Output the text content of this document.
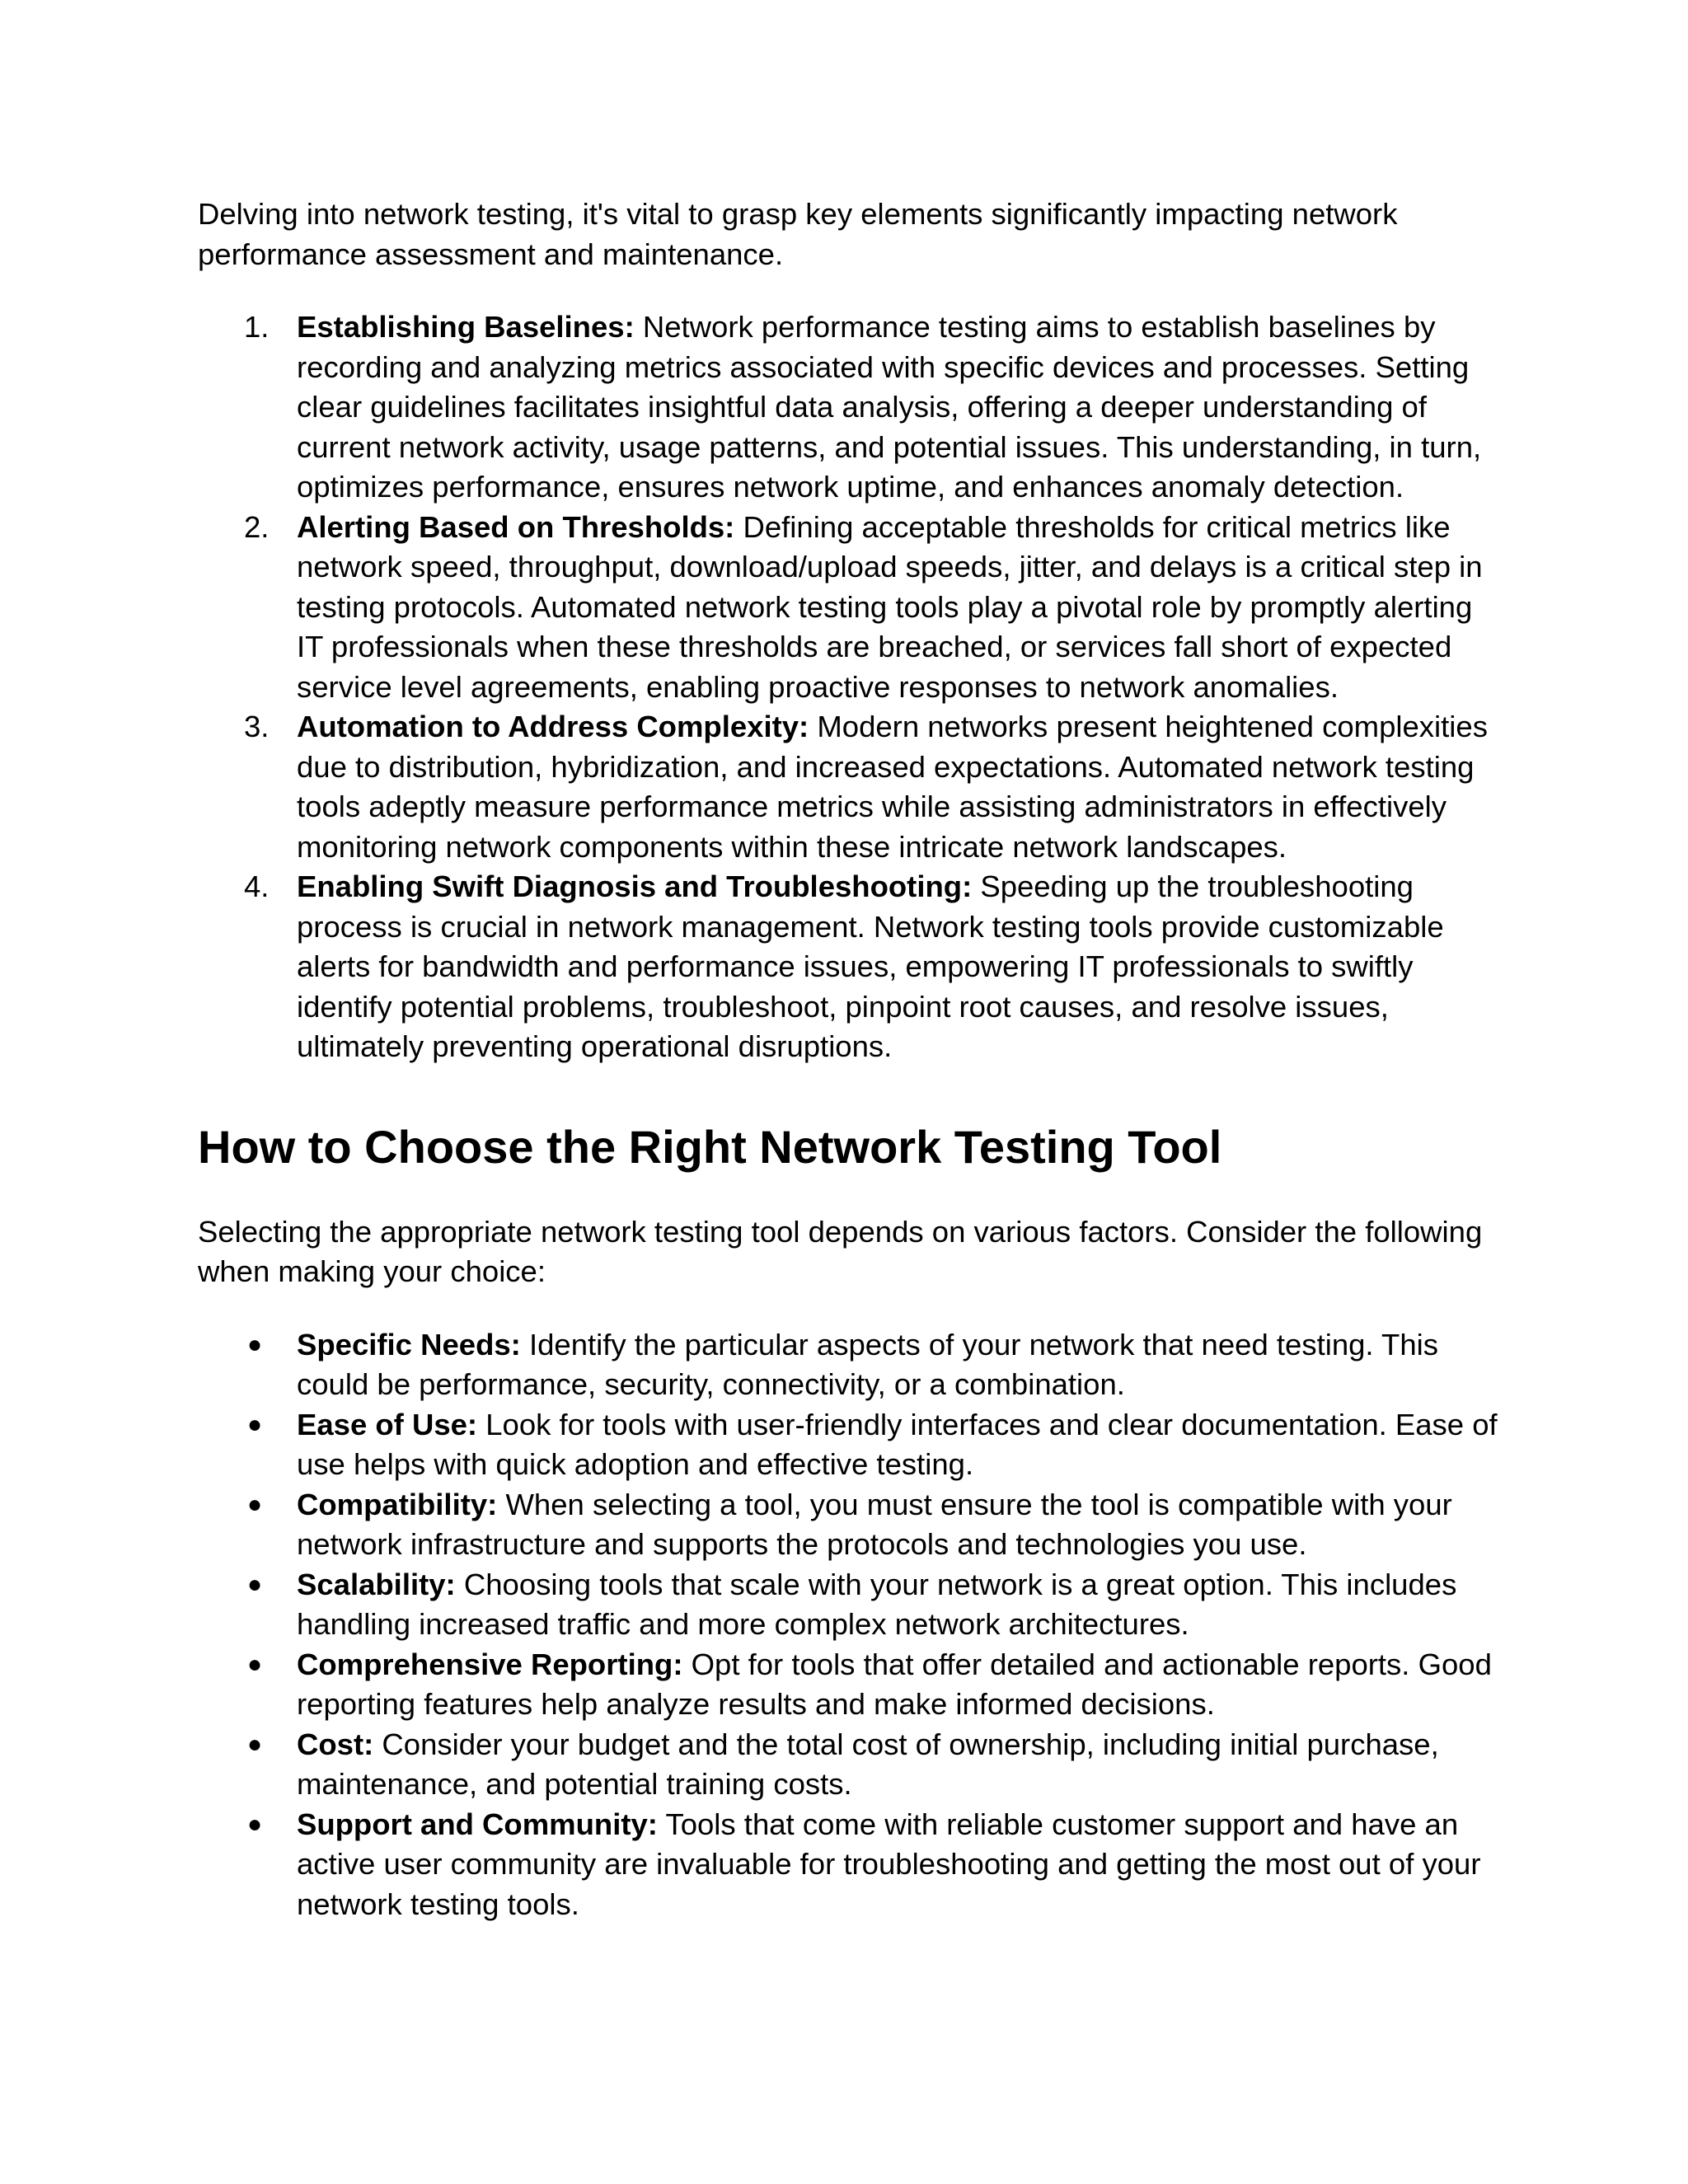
Delving into network testing, it's vital to grasp key elements significantly impacting network performance assessment and maintenance.

1. Establishing Baselines: Network performance testing aims to establish baselines by recording and analyzing metrics associated with specific devices and processes. Setting clear guidelines facilitates insightful data analysis, offering a deeper understanding of current network activity, usage patterns, and potential issues. This understanding, in turn, optimizes performance, ensures network uptime, and enhances anomaly detection.
2. Alerting Based on Thresholds: Defining acceptable thresholds for critical metrics like network speed, throughput, download/upload speeds, jitter, and delays is a critical step in testing protocols. Automated network testing tools play a pivotal role by promptly alerting IT professionals when these thresholds are breached, or services fall short of expected service level agreements, enabling proactive responses to network anomalies.
3. Automation to Address Complexity: Modern networks present heightened complexities due to distribution, hybridization, and increased expectations. Automated network testing tools adeptly measure performance metrics while assisting administrators in effectively monitoring network components within these intricate network landscapes.
4. Enabling Swift Diagnosis and Troubleshooting: Speeding up the troubleshooting process is crucial in network management. Network testing tools provide customizable alerts for bandwidth and performance issues, empowering IT professionals to swiftly identify potential problems, troubleshoot, pinpoint root causes, and resolve issues, ultimately preventing operational disruptions.
How to Choose the Right Network Testing Tool

Selecting the appropriate network testing tool depends on various factors. Consider the following when making your choice:

● Specific Needs: Identify the particular aspects of your network that need testing. This could be performance, security, connectivity, or a combination.
● Ease of Use: Look for tools with user-friendly interfaces and clear documentation. Ease of use helps with quick adoption and effective testing.
● Compatibility: When selecting a tool, you must ensure the tool is compatible with your network infrastructure and supports the protocols and technologies you use.
● Scalability: Choosing tools that scale with your network is a great option. This includes handling increased traffic and more complex network architectures.
● Comprehensive Reporting: Opt for tools that offer detailed and actionable reports. Good reporting features help analyze results and make informed decisions.
● Cost: Consider your budget and the total cost of ownership, including initial purchase, maintenance, and potential training costs.
● Support and Community: Tools that come with reliable customer support and have an active user community are invaluable for troubleshooting and getting the most out of your network testing tools.
